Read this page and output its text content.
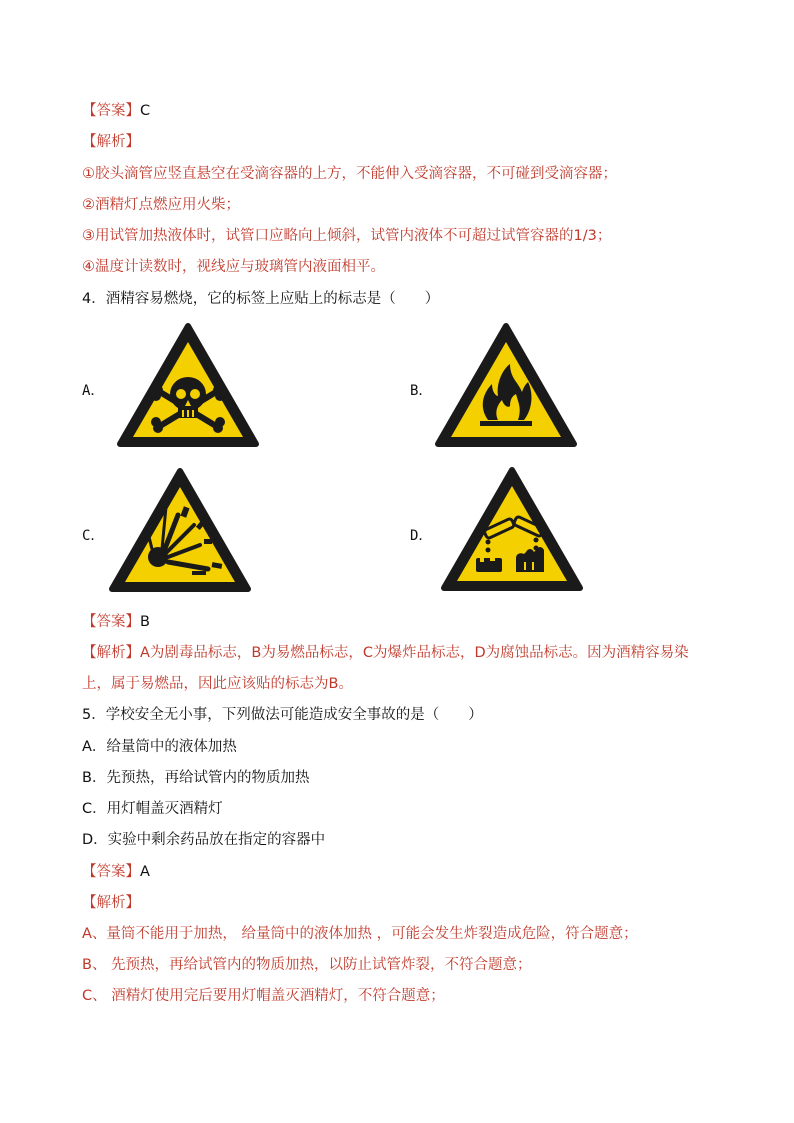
【答案】C
【解析】
①胶头滴管应竖直悬空在受滴容器的上方，不能伸入受滴容器，不可碰到受滴容器；
②酒精灯点燃应用火柴；
③用试管加热液体时，试管口应略向上倾斜，试管内液体不可超过试管容器的1/3；
④温度计读数时，视线应与玻璃管内液面相平。
4．酒精容易燃烧，它的标签上应贴上的标志是（　　）
A．	B．
C．	D．
【答案】B
【解析】A为剧毒品标志，B为易燃品标志，C为爆炸品标志，D为腐蚀品标志。因为酒精容易染
上，属于易燃品，因此应该贴的标志为B。
5．学校安全无小事，下列做法可能造成安全事故的是（　　）
A．给量筒中的液体加热
B．先预热，再给试管内的物质加热
C．用灯帽盖灭酒精灯
D．实验中剩余药品放在指定的容器中
【答案】A
【解析】
A、量筒不能用于加热， 给量筒中的液体加热 ，可能会发生炸裂造成危险，符合题意；
B、 先预热，再给试管内的物质加热，以防止试管炸裂，不符合题意；
C、 酒精灯使用完后要用灯帽盖灭酒精灯，不符合题意；
